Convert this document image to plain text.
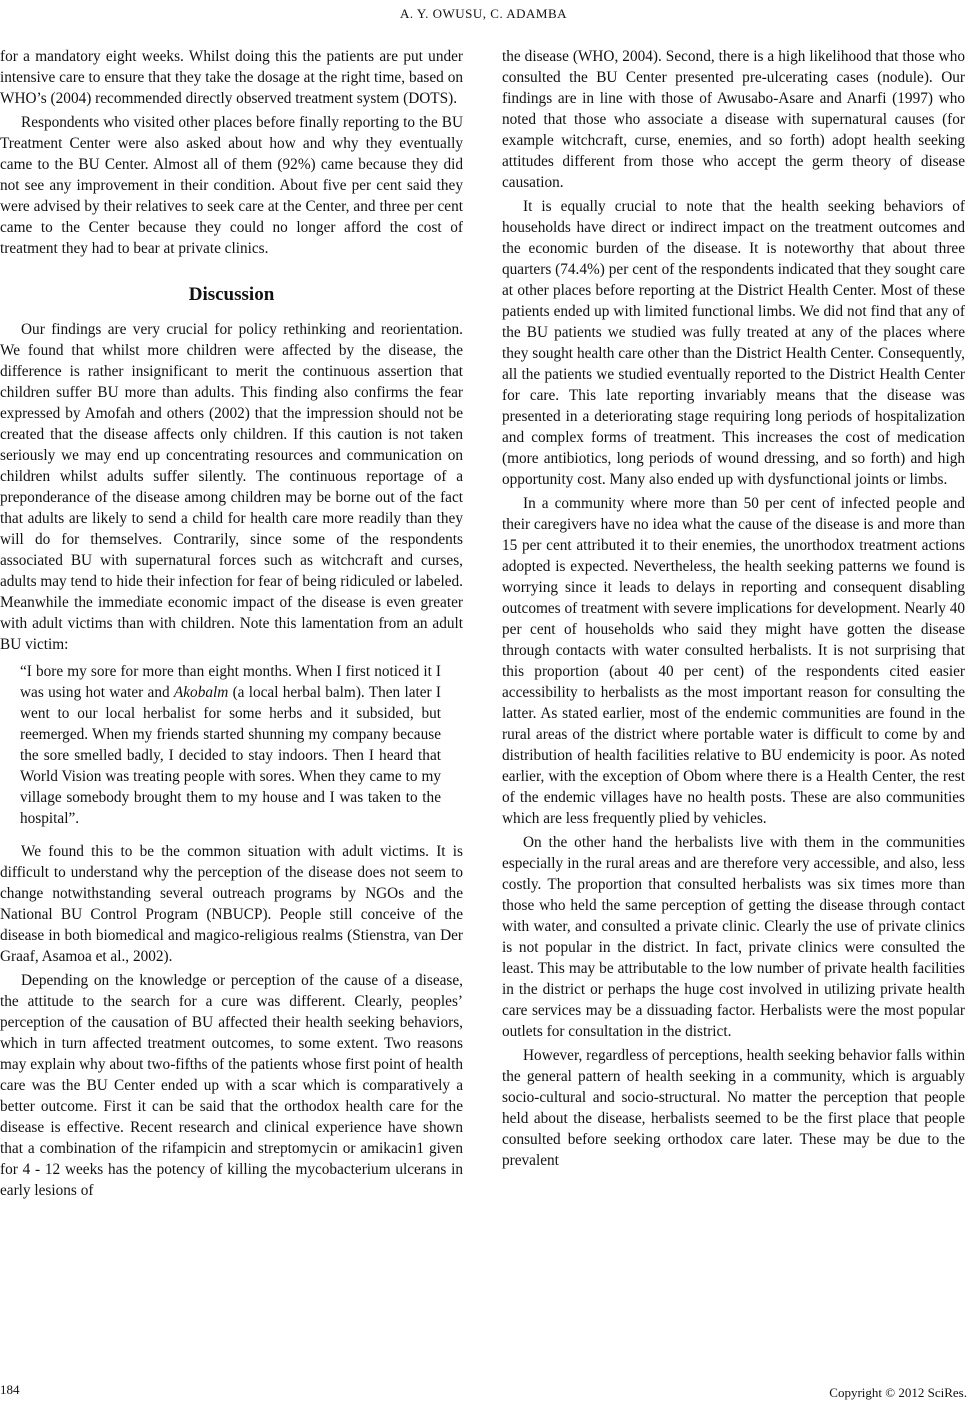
A. Y. OWUSU, C. ADAMBA

for a mandatory eight weeks. Whilst doing this the patients are put under intensive care to ensure that they take the dosage at the right time, based on WHO’s (2004) recommended directly observed treatment system (DOTS).

Respondents who visited other places before finally reporting to the BU Treatment Center were also asked about how and why they eventually came to the BU Center. Almost all of them (92%) came because they did not see any improvement in their condition. About five per cent said they were advised by their relatives to seek care at the Center, and three per cent came to the Center because they could no longer afford the cost of treatment they had to bear at private clinics.

Discussion

Our findings are very crucial for policy rethinking and reorientation. We found that whilst more children were affected by the disease, the difference is rather insignificant to merit the continuous assertion that children suffer BU more than adults. This finding also confirms the fear expressed by Amofah and others (2002) that the impression should not be created that the disease affects only children. If this caution is not taken seriously we may end up concentrating resources and communication on children whilst adults suffer silently. The continuous reportage of a preponderance of the disease among children may be borne out of the fact that adults are likely to send a child for health care more readily than they will do for themselves. Contrarily, since some of the respondents associated BU with supernatural forces such as witchcraft and curses, adults may tend to hide their infection for fear of being ridiculed or labeled. Meanwhile the immediate economic impact of the disease is even greater with adult victims than with children. Note this lamentation from an adult BU victim:

“I bore my sore for more than eight months. When I first noticed it I was using hot water and Akobalm (a local herbal balm). Then later I went to our local herbalist for some herbs and it subsided, but reemerged. When my friends started shunning my company because the sore smelled badly, I decided to stay indoors. Then I heard that World Vision was treating people with sores. When they came to my village somebody brought them to my house and I was taken to the hospital”.

We found this to be the common situation with adult victims. It is difficult to understand why the perception of the disease does not seem to change notwithstanding several outreach programs by NGOs and the National BU Control Program (NBUCP). People still conceive of the disease in both biomedical and magico-religious realms (Stienstra, van Der Graaf, Asamoa et al., 2002).

Depending on the knowledge or perception of the cause of a disease, the attitude to the search for a cure was different. Clearly, peoples’ perception of the causation of BU affected their health seeking behaviors, which in turn affected treatment outcomes, to some extent. Two reasons may explain why about two-fifths of the patients whose first point of health care was the BU Center ended up with a scar which is comparatively a better outcome. First it can be said that the orthodox health care for the disease is effective. Recent research and clinical experience have shown that a combination of the rifampicin and streptomycin or amikacin1 given for 4 - 12 weeks has the potency of killing the mycobacterium ulcerans in early lesions of

the disease (WHO, 2004). Second, there is a high likelihood that those who consulted the BU Center presented pre-ulcerating cases (nodule). Our findings are in line with those of Awusabo-Asare and Anarfi (1997) who noted that those who associate a disease with supernatural causes (for example witchcraft, curse, enemies, and so forth) adopt health seeking attitudes different from those who accept the germ theory of disease causation.

It is equally crucial to note that the health seeking behaviors of households have direct or indirect impact on the treatment outcomes and the economic burden of the disease. It is noteworthy that about three quarters (74.4%) per cent of the respondents indicated that they sought care at other places before reporting at the District Health Center. Most of these patients ended up with limited functional limbs. We did not find that any of the BU patients we studied was fully treated at any of the places where they sought health care other than the District Health Center. Consequently, all the patients we studied eventually reported to the District Health Center for care. This late reporting invariably means that the disease was presented in a deteriorating stage requiring long periods of hospitalization and complex forms of treatment. This increases the cost of medication (more antibiotics, long periods of wound dressing, and so forth) and high opportunity cost. Many also ended up with dysfunctional joints or limbs.

In a community where more than 50 per cent of infected people and their caregivers have no idea what the cause of the disease is and more than 15 per cent attributed it to their enemies, the unorthodox treatment actions adopted is expected. Nevertheless, the health seeking patterns we found is worrying since it leads to delays in reporting and consequent disabling outcomes of treatment with severe implications for development. Nearly 40 per cent of households who said they might have gotten the disease through contacts with water consulted herbalists. It is not surprising that this proportion (about 40 per cent) of the respondents cited easier accessibility to herbalists as the most important reason for consulting the latter. As stated earlier, most of the endemic communities are found in the rural areas of the district where portable water is difficult to come by and distribution of health facilities relative to BU endemicity is poor. As noted earlier, with the exception of Obom where there is a Health Center, the rest of the endemic villages have no health posts. These are also communities which are less frequently plied by vehicles.

On the other hand the herbalists live with them in the communities especially in the rural areas and are therefore very accessible, and also, less costly. The proportion that consulted herbalists was six times more than those who held the same perception of getting the disease through contact with water, and consulted a private clinic. Clearly the use of private clinics is not popular in the district. In fact, private clinics were consulted the least. This may be attributable to the low number of private health facilities in the district or perhaps the huge cost involved in utilizing private health care services may be a dissuading factor. Herbalists were the most popular outlets for consultation in the district.

However, regardless of perceptions, health seeking behavior falls within the general pattern of health seeking in a community, which is arguably socio-cultural and socio-structural. No matter the perception that people held about the disease, herbalists seemed to be the first place that people consulted before seeking orthodox care later. These may be due to the prevalent

184	Copyright © 2012 SciRes.
